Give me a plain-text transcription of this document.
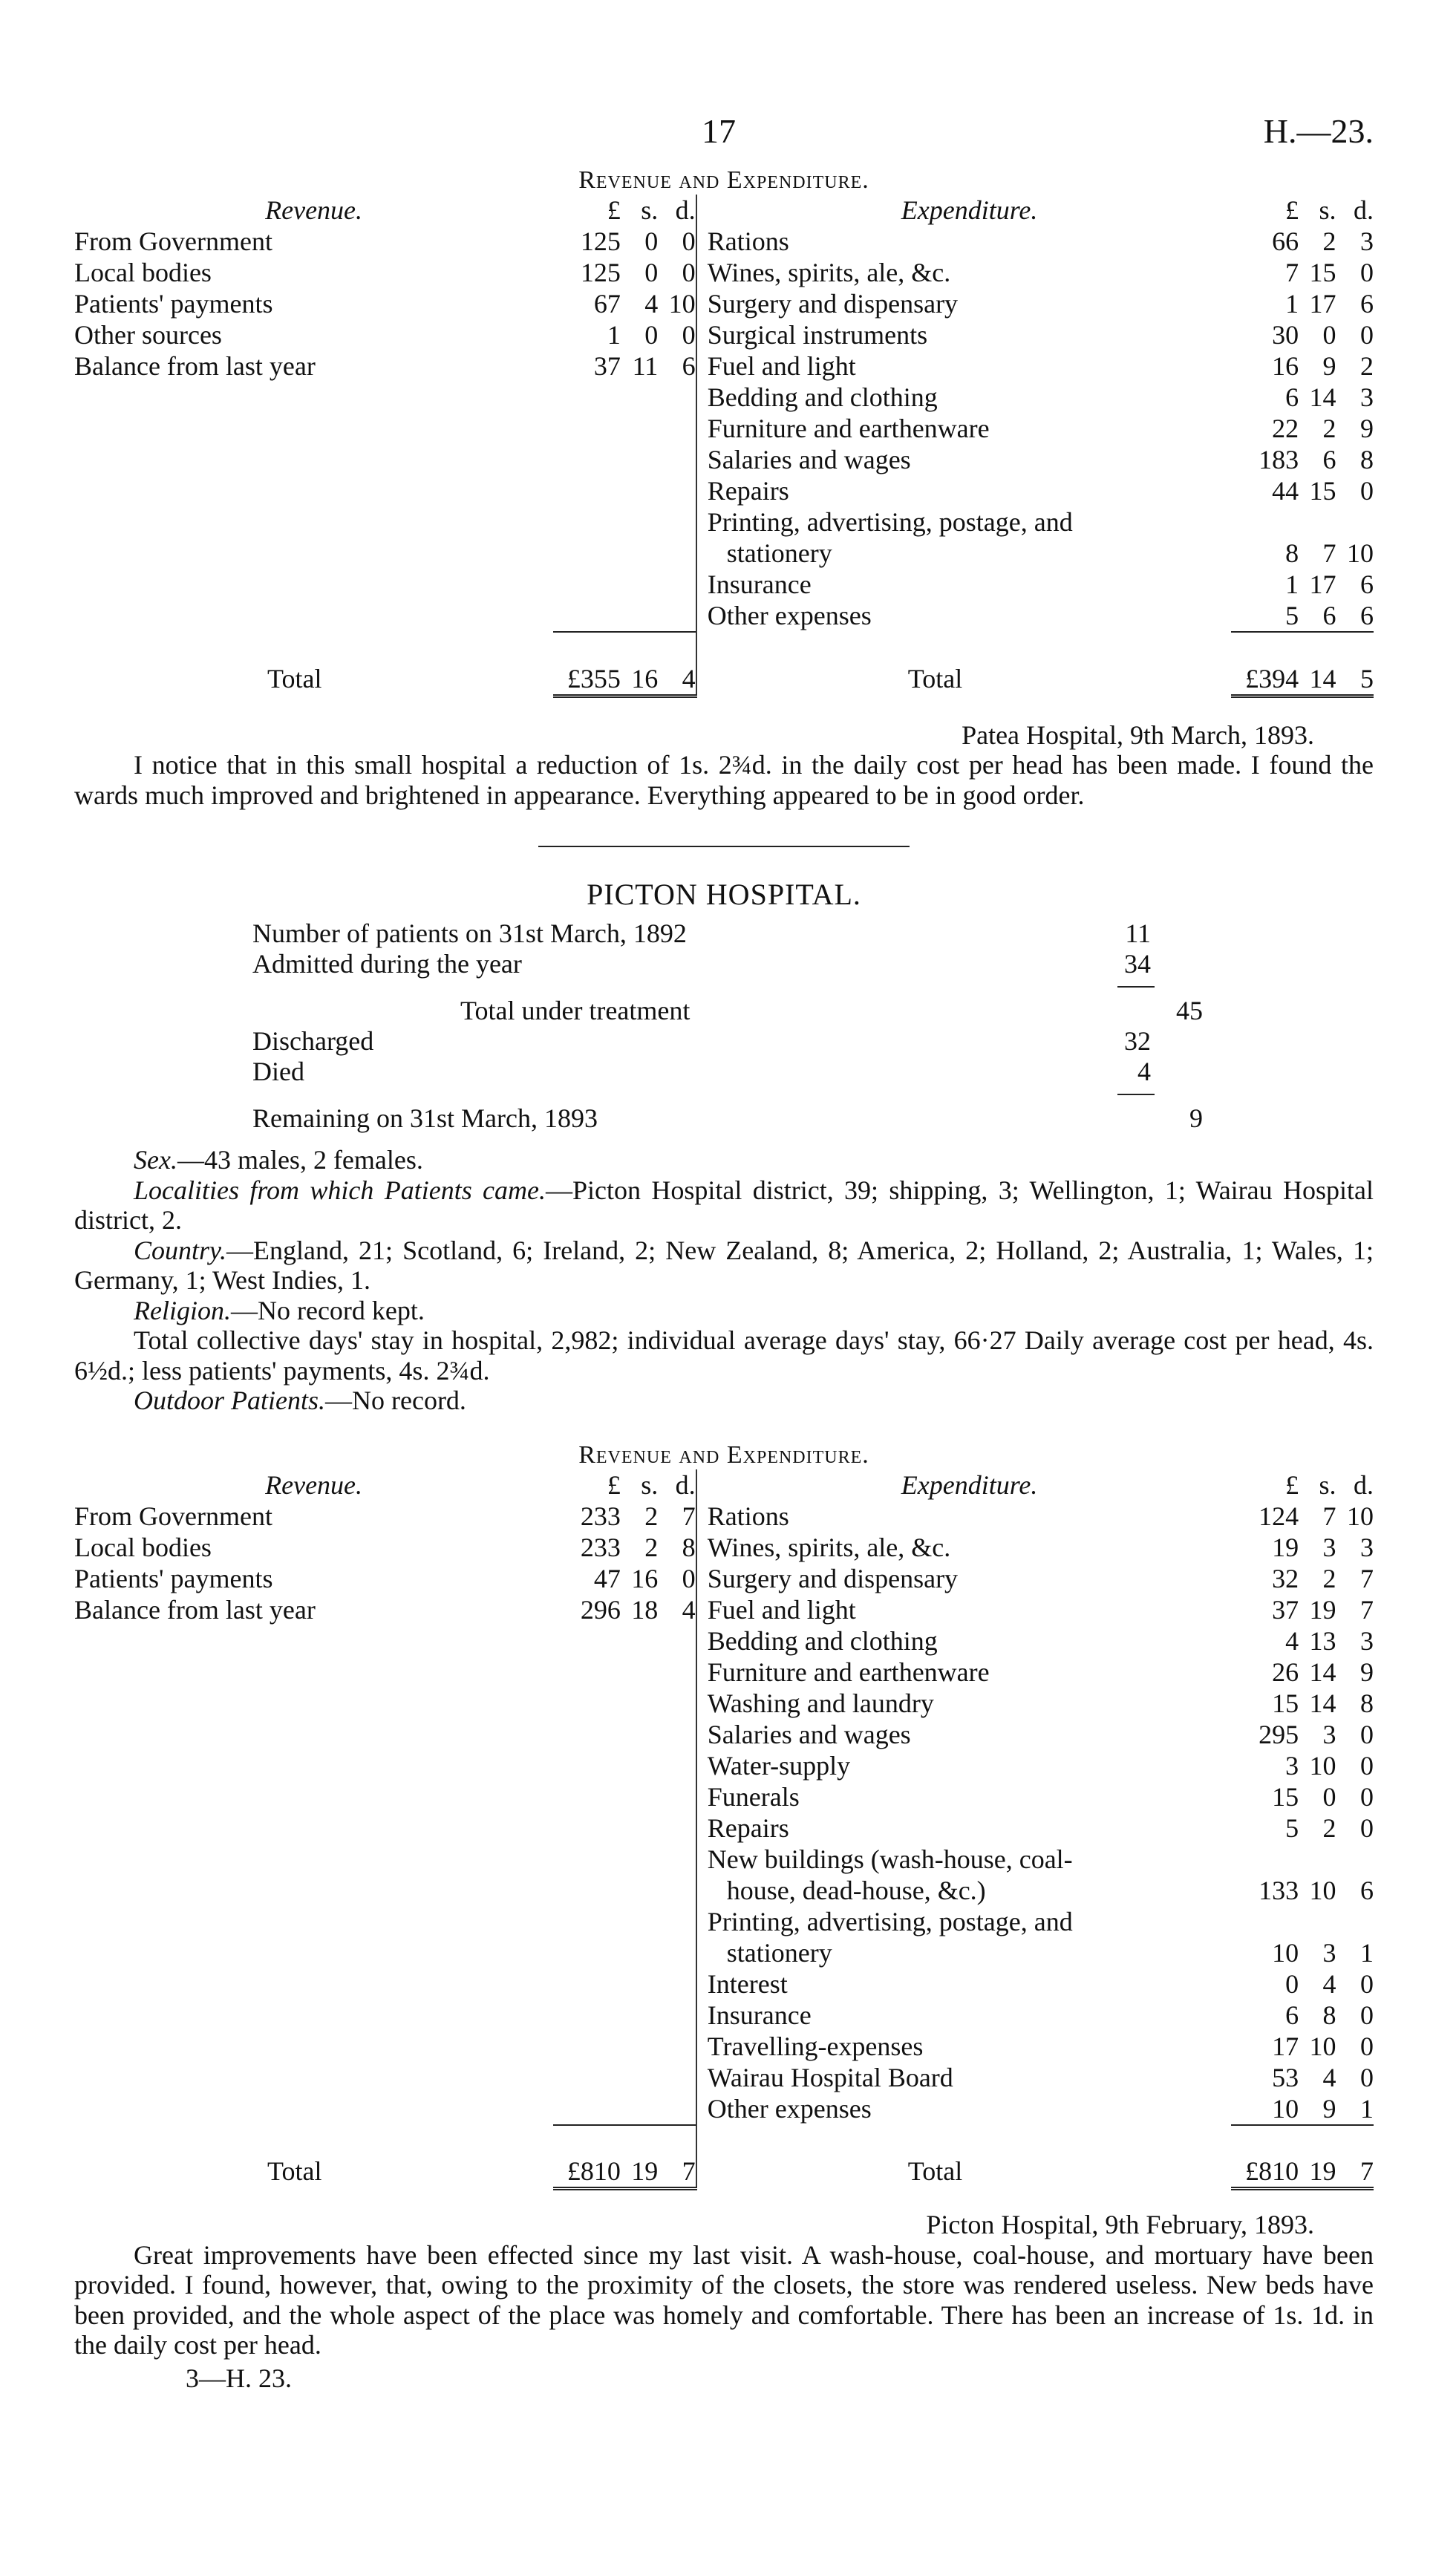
17	H.—23.
Revenue and Expenditure.
Revenue.	£	s.	d.		Expenditure.	£	s.	d.
From Government	125	0	0		Rations	66	2	3
Local bodies	125	0	0		Wines, spirits, ale, &c.	7	15	0
Patients' payments	67	4	10		Surgery and dispensary	1	17	6
Other sources	1	0	0		Surgical instruments	30	0	0
Balance from last year	37	11	6		Fuel and light	16	9	2
					Bedding and clothing	6	14	3
					Furniture and earthenware	22	2	9
					Salaries and wages	183	6	8
					Repairs	44	15	0
					Printing, advertising, postage, and			
					stationery	8	7	10
					Insurance	1	17	6
					Other expenses	5	6	6

Total	£355	16	4		Total	£394	14	5
Patea Hospital, 9th March, 1893.

I notice that in this small hospital a reduction of 1s. 2¾d. in the daily cost per head has been made. I found the wards much improved and brightened in appearance. Everything appeared to be in good order.

PICTON HOSPITAL.
Number of patients on 31st March, 1892	11
Admitted during the year	34
Total under treatment	45
Discharged	32
Died	4
Remaining on 31st March, 1893	9

Sex.—43 males, 2 females.

Localities from which Patients came.—Picton Hospital district, 39; shipping, 3; Wellington, 1; Wairau Hospital district, 2.

Country.—England, 21; Scotland, 6; Ireland, 2; New Zealand, 8; America, 2; Holland, 2; Australia, 1; Wales, 1; Germany, 1; West Indies, 1.

Religion.—No record kept.

Total collective days' stay in hospital, 2,982; individual average days' stay, 66·27 Daily average cost per head, 4s. 6½d.; less patients' payments, 4s. 2¾d.

Outdoor Patients.—No record.

Revenue and Expenditure.
Revenue.	£	s.	d.		Expenditure.	£	s.	d.
From Government	233	2	7		Rations	124	7	10
Local bodies	233	2	8		Wines, spirits, ale, &c.	19	3	3
Patients' payments	47	16	0		Surgery and dispensary	32	2	7
Balance from last year	296	18	4		Fuel and light	37	19	7
					Bedding and clothing	4	13	3
					Furniture and earthenware	26	14	9
					Washing and laundry	15	14	8
					Salaries and wages	295	3	0
					Water-supply	3	10	0
					Funerals	15	0	0
					Repairs	5	2	0
					New buildings (wash-house, coal-			
					house, dead-house, &c.)	133	10	6
					Printing, advertising, postage, and			
					stationery	10	3	1
					Interest	0	4	0
					Insurance	6	8	0
					Travelling-expenses	17	10	0
					Wairau Hospital Board	53	4	0
					Other expenses	10	9	1

Total	£810	19	7		Total	£810	19	7
Picton Hospital, 9th February, 1893.

Great improvements have been effected since my last visit. A wash-house, coal-house, and mortuary have been provided. I found, however, that, owing to the proximity of the closets, the store was rendered useless. New beds have been provided, and the whole aspect of the place was homely and comfortable. There has been an increase of 1s. 1d. in the daily cost per head.

3—H. 23.
